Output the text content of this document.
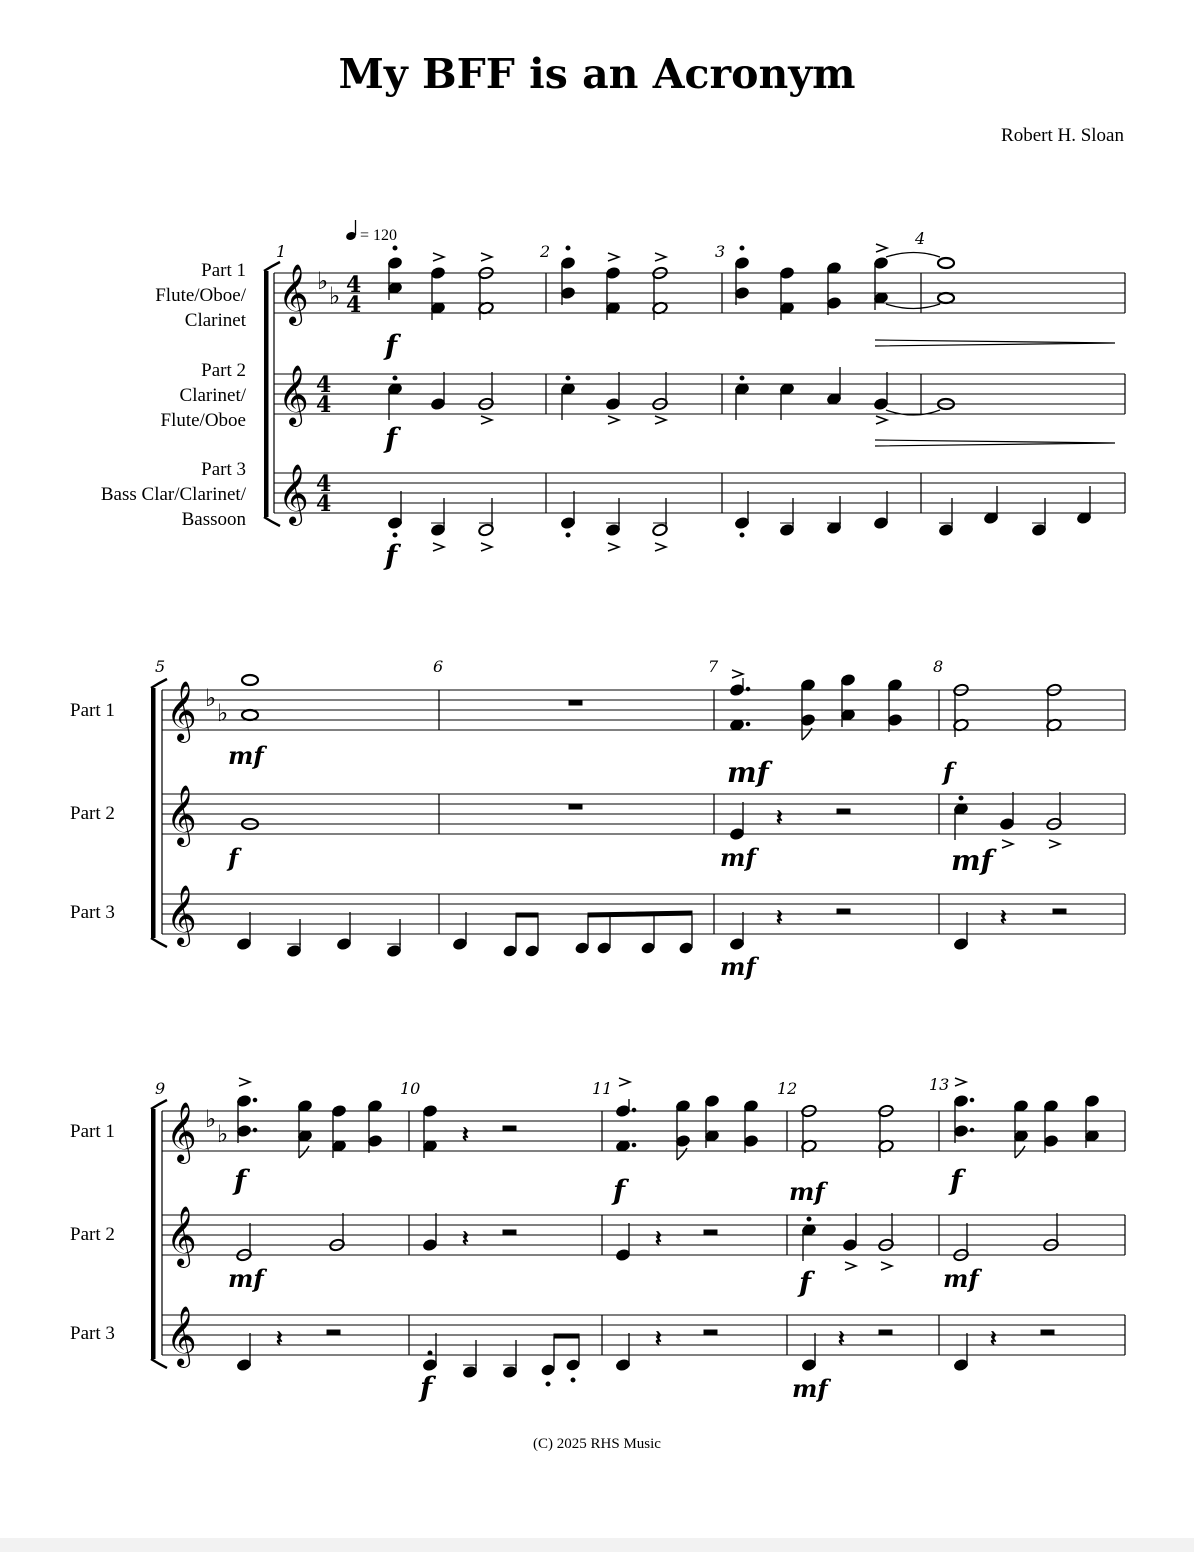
My BFF is an Acronym
Robert H. Sloan
Part 1
Flute/Oboe/
Clarinet
Part 2
Clarinet/
Flute/Oboe
Part 3
Bass Clar/Clarinet/
Bassoon
Part 1
Part 2
Part 3
Part 1
Part 2
Part 3
= 120
𝄞
𝄞
𝄞
♭
♭ 4
4
4
4
4
4
1	2	3
4
f
f
f
𝄞
𝄞
𝄞
♭
♭
5	6	7	8
𝄽
𝄽	𝄽
mf
f
mf
mf
mf
f
mf
𝄞
𝄞
𝄞
♭
♭
9	10	11	12	13
𝄽
𝄽
𝄽	𝄽
𝄽	𝄽	𝄽
f
mf
f
f	mf
mf
f	mf
f
(C) 2025 RHS Music
